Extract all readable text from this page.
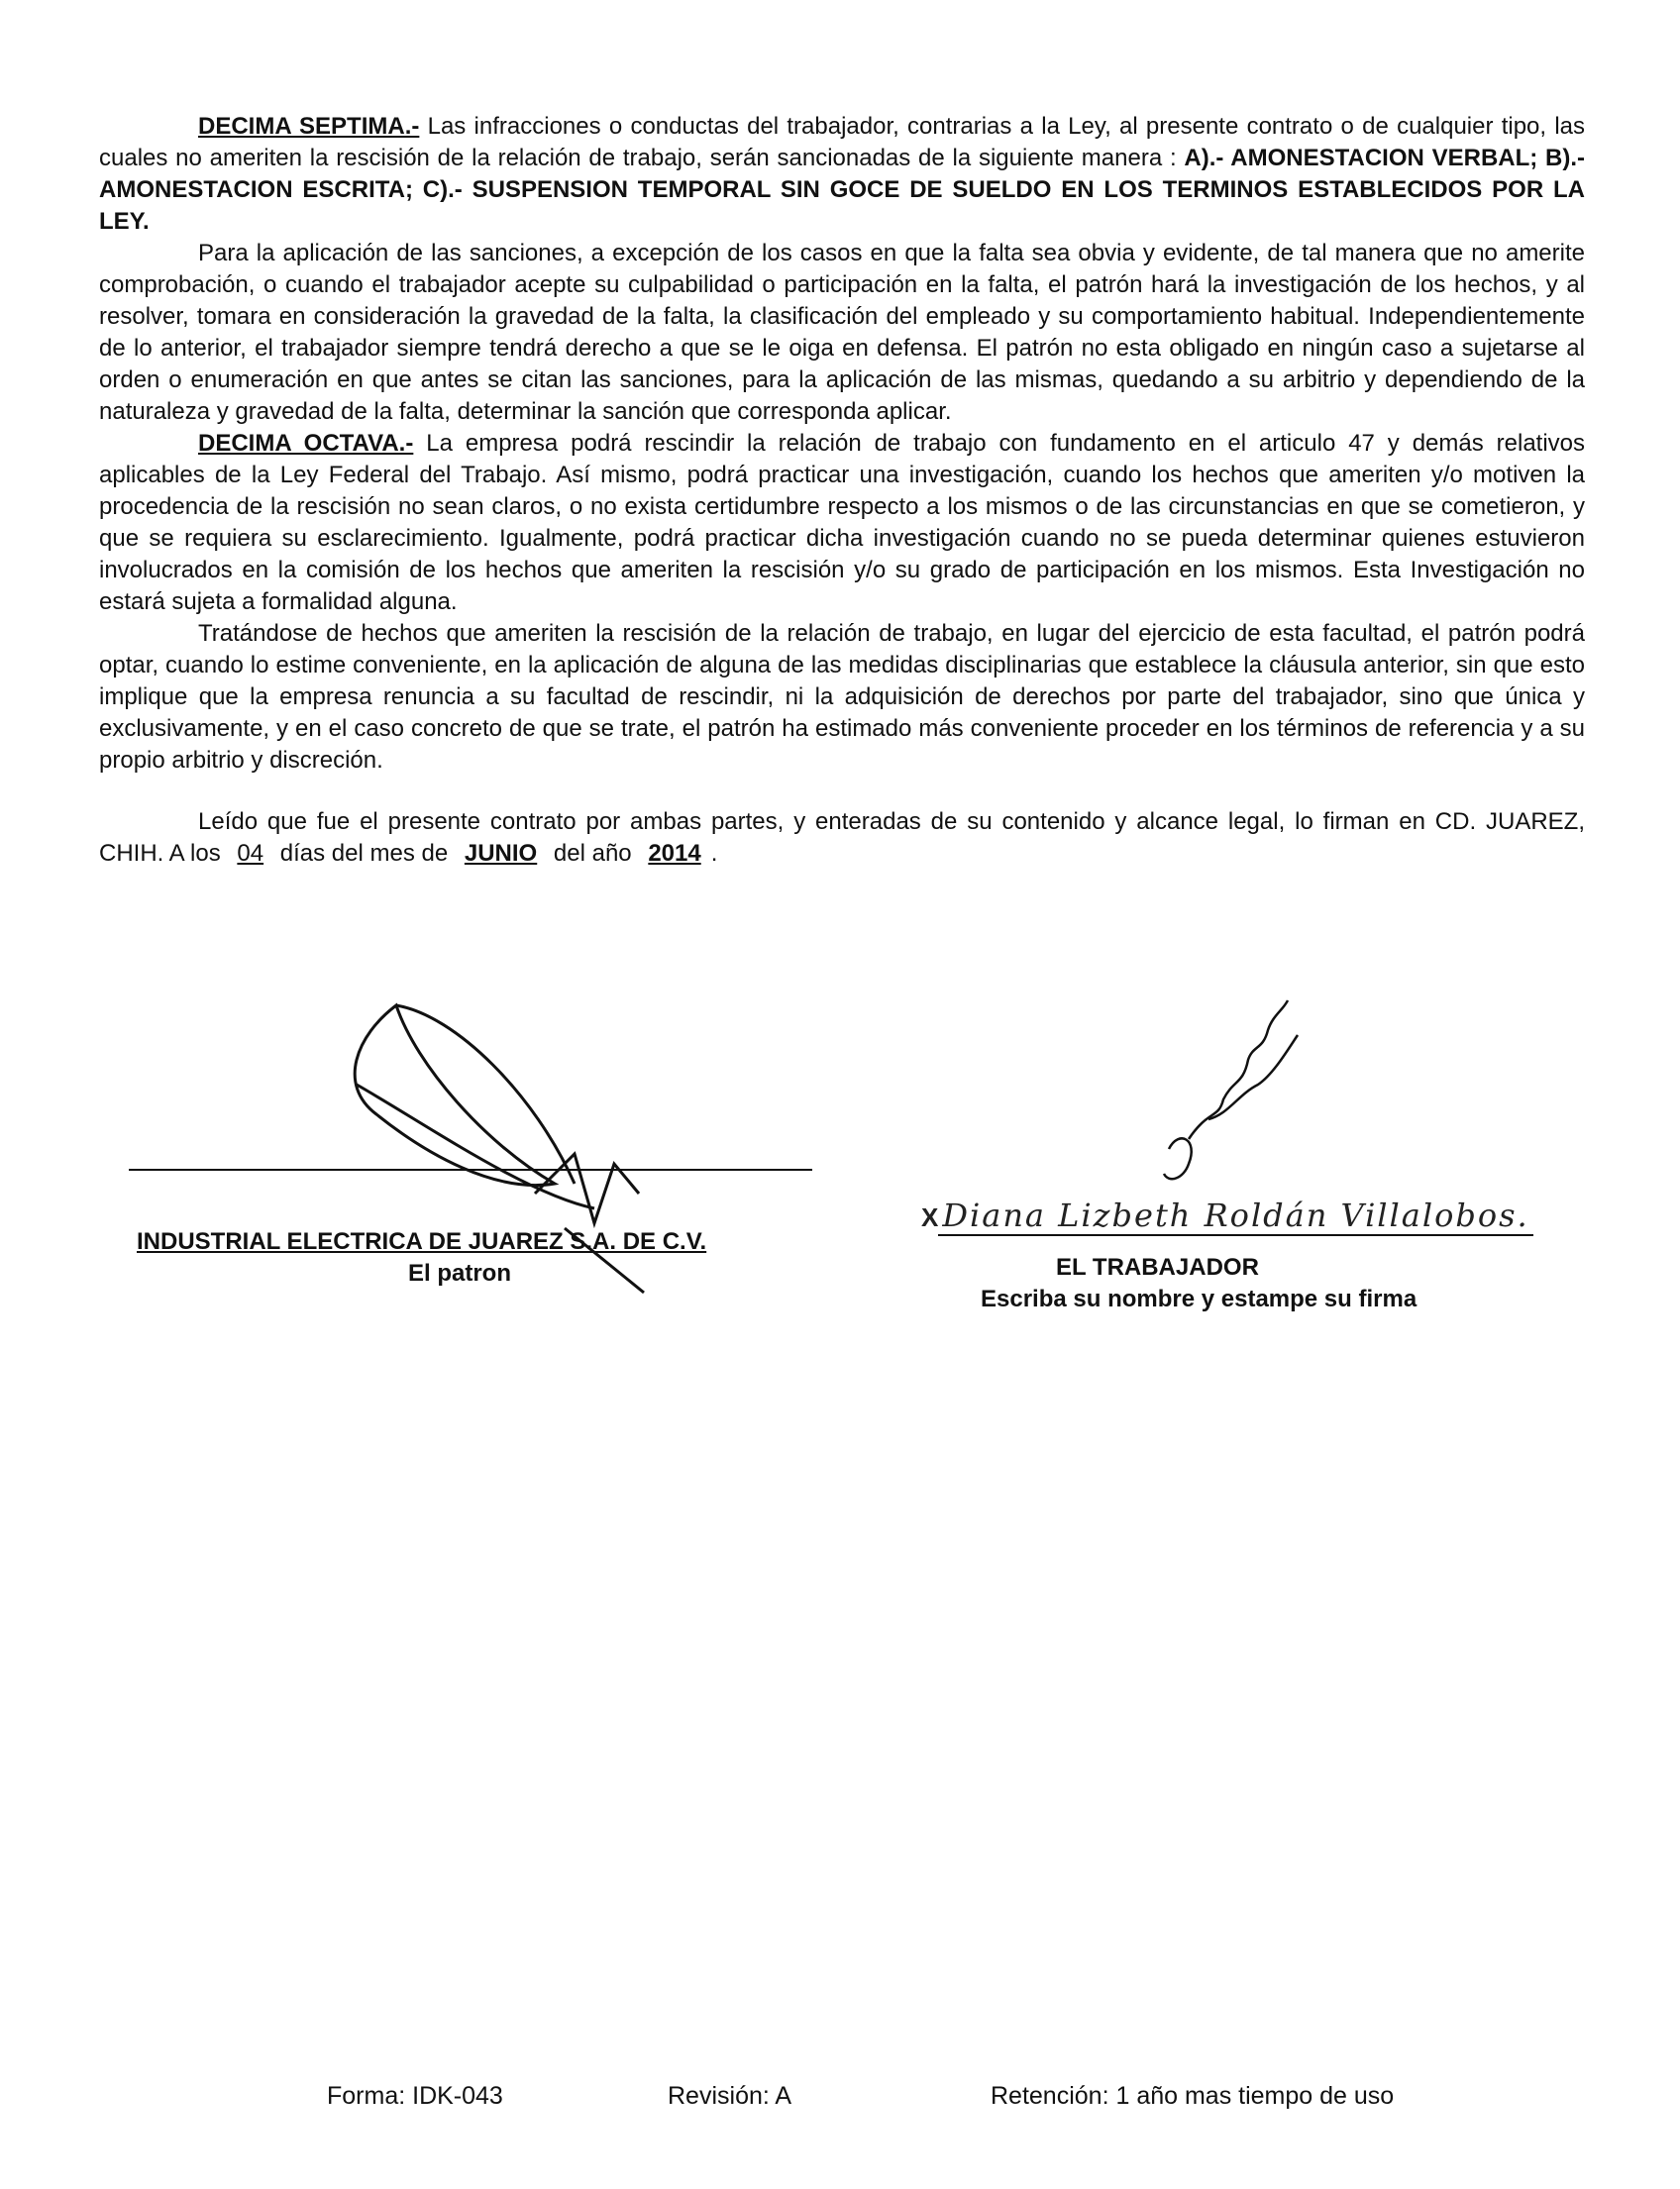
DECIMA SEPTIMA.- Las infracciones o conductas del trabajador, contrarias a la Ley, al presente contrato o de cualquier tipo, las cuales no ameriten la rescisión de la relación de trabajo, serán sancionadas de la siguiente manera : A).- AMONESTACION VERBAL; B).- AMONESTACION ESCRITA; C).- SUSPENSION TEMPORAL SIN GOCE DE SUELDO EN LOS TERMINOS ESTABLECIDOS POR LA LEY.

Para la aplicación de las sanciones, a excepción de los casos en que la falta sea obvia y evidente, de tal manera que no amerite comprobación, o cuando el trabajador acepte su culpabilidad o participación en la falta, el patrón hará la investigación de los hechos, y al resolver, tomara en consideración la gravedad de la falta, la clasificación del empleado y su comportamiento habitual. Independientemente de lo anterior, el trabajador siempre tendrá derecho a que se le oiga en defensa. El patrón no esta obligado en ningún caso a sujetarse al orden o enumeración en que antes se citan las sanciones, para la aplicación de las mismas, quedando a su arbitrio y dependiendo de la naturaleza y gravedad de la falta, determinar la sanción que corresponda aplicar.

DECIMA OCTAVA.- La empresa podrá rescindir la relación de trabajo con fundamento en el articulo 47 y demás relativos aplicables de la Ley Federal del Trabajo. Así mismo, podrá practicar una investigación, cuando los hechos que ameriten y/o motiven la procedencia de la rescisión no sean claros, o no exista certidumbre respecto a los mismos o de las circunstancias en que se cometieron, y que se requiera su esclarecimiento. Igualmente, podrá practicar dicha investigación cuando no se pueda determinar quienes estuvieron involucrados en la comisión de los hechos que ameriten la rescisión y/o su grado de participación en los mismos. Esta Investigación no estará sujeta a formalidad alguna.

Tratándose de hechos que ameriten la rescisión de la relación de trabajo, en lugar del ejercicio de esta facultad, el patrón podrá optar, cuando lo estime conveniente, en la aplicación de alguna de las medidas disciplinarias que establece la cláusula anterior, sin que esto implique que la empresa renuncia a su facultad de rescindir, ni la adquisición de derechos por parte del trabajador, sino que única y exclusivamente, y en el caso concreto de que se trate, el patrón ha estimado más conveniente proceder en los términos de referencia y a su propio arbitrio y discreción.

Leído que fue el presente contrato por ambas partes, y enteradas de su contenido y alcance legal, lo firman en CD. JUAREZ, CHIH. A los 04 días del mes de JUNIO del año 2014 .

INDUSTRIAL ELECTRICA DE JUAREZ S.A. DE C.V.
El patron
X Diana Lizbeth Roldán Villalobos.
EL TRABAJADOR
Escriba su nombre y estampe su firma
Forma: IDK-043	Revisión: A	Retención: 1 año mas tiempo de uso
